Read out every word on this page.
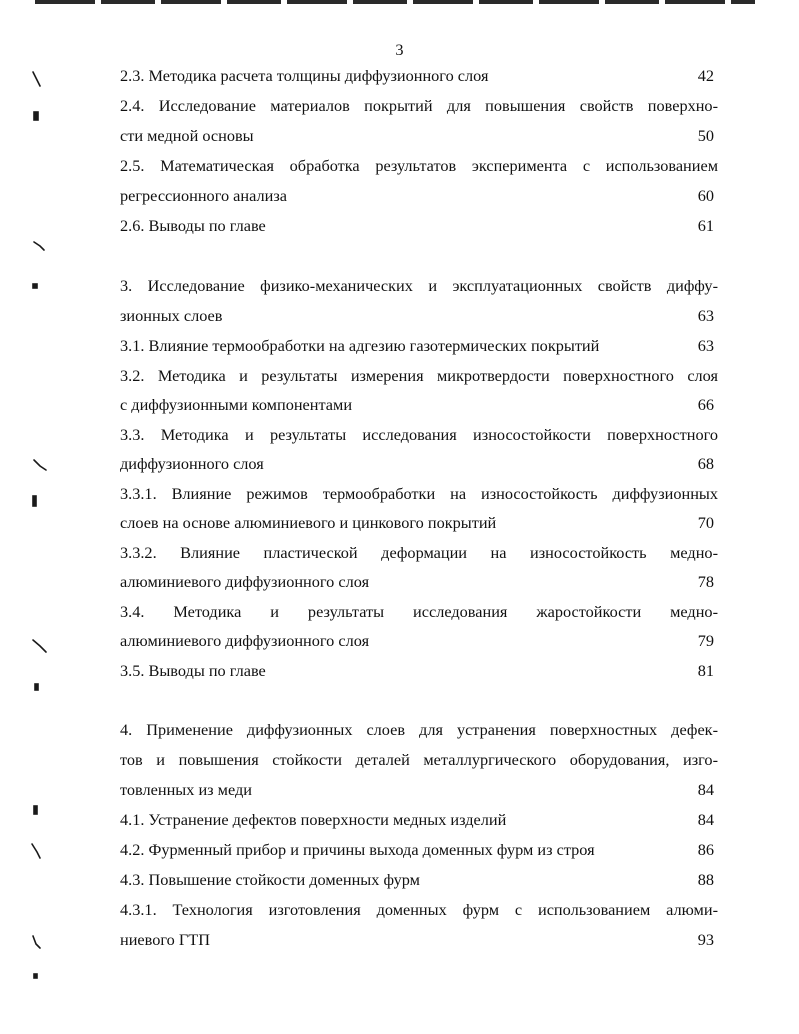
3
2.3. Методика расчета толщины диффузионного слоя	42
2.4. Исследование материалов покрытий для повышения свойств поверхно-
сти медной основы	50
2.5. Математическая обработка результатов эксперимента с использованием
регрессионного анализа	60
2.6. Выводы по главе	61
3. Исследование физико-механических и эксплуатационных свойств диффу-
зионных слоев	63
3.1. Влияние термообработки на адгезию газотермических покрытий	63
3.2. Методика и результаты измерения микротвердости поверхностного слоя
с диффузионными компонентами	66
3.3. Методика и результаты исследования износостойкости поверхностного
диффузионного слоя	68
3.3.1. Влияние режимов термообработки на износостойкость диффузионных
слоев на основе алюминиевого и цинкового покрытий	70
3.3.2. Влияние пластической деформации на износостойкость медно-
алюминиевого диффузионного слоя	78
3.4. Методика и результаты исследования жаростойкости медно-
алюминиевого диффузионного слоя	79
3.5. Выводы по главе	81
4. Применение диффузионных слоев для устранения поверхностных дефек-
тов и повышения стойкости деталей металлургического оборудования, изго-
товленных из меди	84
4.1. Устранение дефектов поверхности медных изделий	84
4.2. Фурменный прибор и причины выхода доменных фурм из строя	86
4.3. Повышение стойкости доменных фурм	88
4.3.1. Технология изготовления доменных фурм с использованием алюми-
ниевого ГТП	93
